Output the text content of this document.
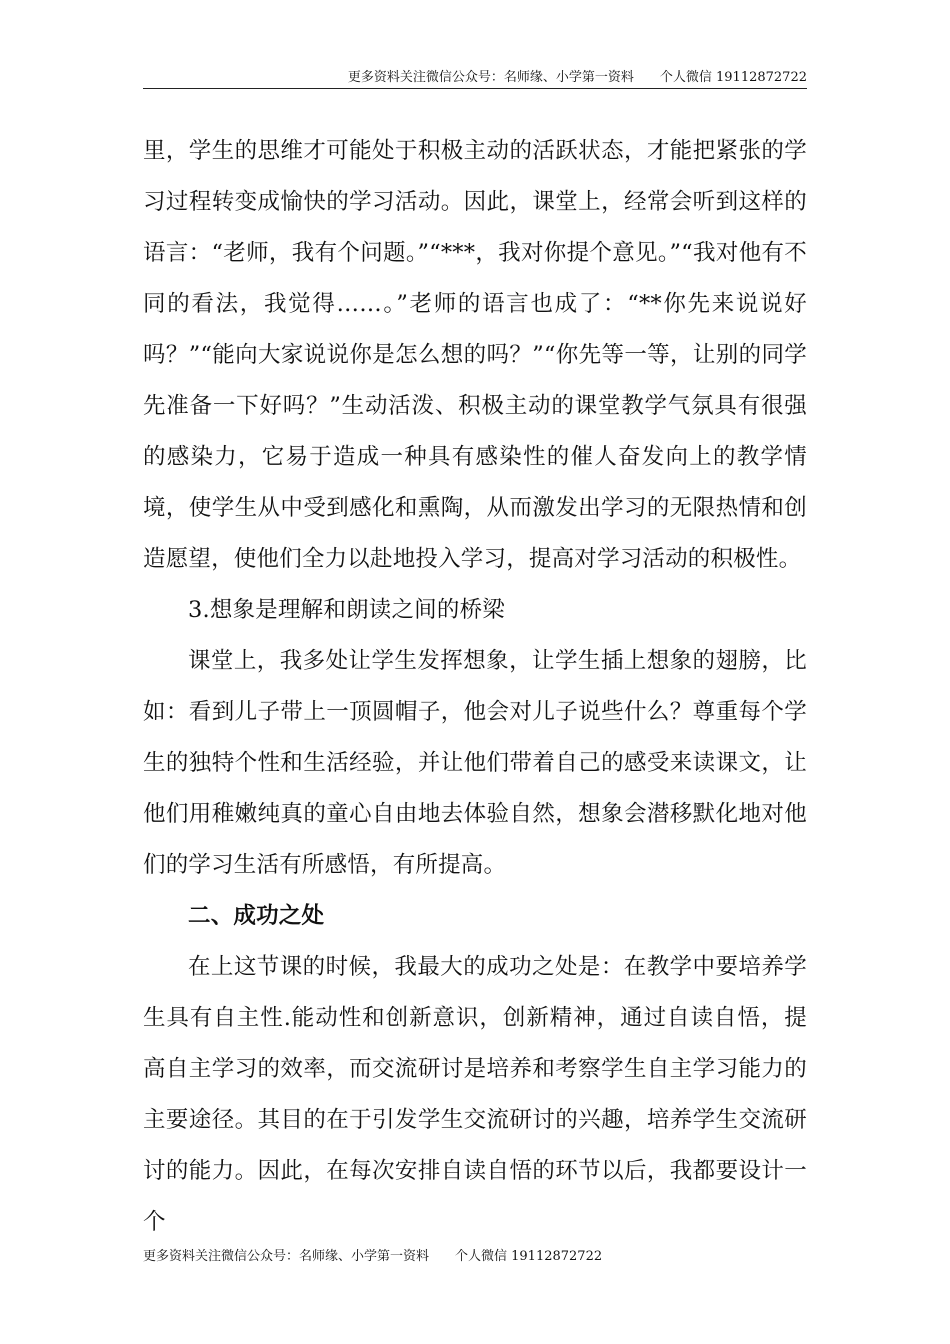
更多资料关注微信公众号：名师缘、小学第一资料　　个人微信 19112872722

里，学生的思维才可能处于积极主动的活跃状态，才能把紧张的学习过程转变成愉快的学习活动。因此，课堂上，经常会听到这样的语言：“老师，我有个问题。”“***，我对你提个意见。”“我对他有不同的看法，我觉得……。”老师的语言也成了：“**你先来说说好吗？”“能向大家说说你是怎么想的吗？”“你先等一等，让别的同学先准备一下好吗？”生动活泼、积极主动的课堂教学气氛具有很强的感染力，它易于造成一种具有感染性的催人奋发向上的教学情境，使学生从中受到感化和熏陶，从而激发出学习的无限热情和创造愿望，使他们全力以赴地投入学习，提高对学习活动的积极性。

3.想象是理解和朗读之间的桥梁

课堂上，我多处让学生发挥想象，让学生插上想象的翅膀，比如：看到儿子带上一顶圆帽子，他会对儿子说些什么？尊重每个学生的独特个性和生活经验，并让他们带着自己的感受来读课文，让他们用稚嫩纯真的童心自由地去体验自然，想象会潜移默化地对他们的学习生活有所感悟，有所提高。

二、成功之处

在上这节课的时候，我最大的成功之处是：在教学中要培养学生具有自主性.能动性和创新意识，创新精神，通过自读自悟，提高自主学习的效率，而交流研讨是培养和考察学生自主学习能力的主要途径。其目的在于引发学生交流研讨的兴趣，培养学生交流研讨的能力。因此，在每次安排自读自悟的环节以后，我都要设计一个

更多资料关注微信公众号：名师缘、小学第一资料　　个人微信 19112872722
